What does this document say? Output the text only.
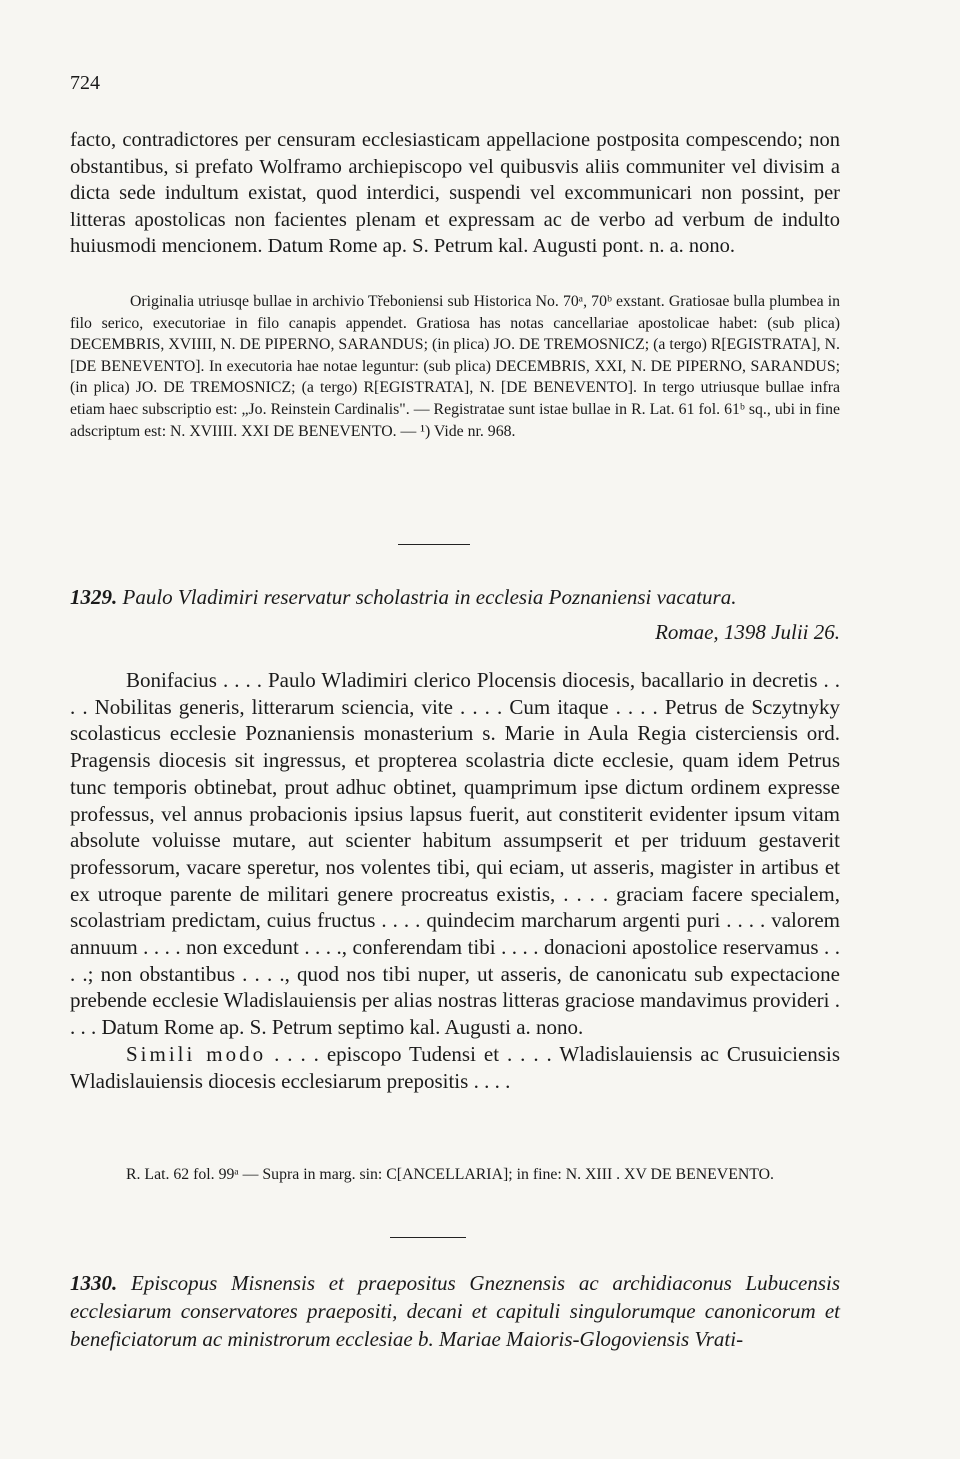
724

facto, contradictores per censuram ecclesiasticam appellacione postposita compescendo; non obstantibus, si prefato Wolframo archiepiscopo vel quibusvis aliis communiter vel divisim a dicta sede indultum existat, quod interdici, suspendi vel excommunicari non possint, per litteras apostolicas non facientes plenam et expressam ac de verbo ad verbum de indulto huiusmodi mencionem. Datum Rome ap. S. Petrum kal. Augusti pont. n. a. nono.

Originalia utriusqe bullae in archivio Třeboniensi sub Historica No. 70ᵃ, 70ᵇ exstant. Gratiosae bulla plumbea in filo serico, executoriae in filo canapis appendet. Gratiosa has notas cancellariae apostolicae habet: (sub plica) DECEMBRIS, XVIIII, N. DE PIPERNO, SARANDUS; (in plica) JO. DE TREMOSNICZ; (a tergo) R[EGISTRATA], N. [DE BENEVENTO]. In executoria hae notae leguntur: (sub plica) DECEMBRIS, XXI, N. DE PIPERNO, SARANDUS; (in plica) JO. DE TREMOSNICZ; (a tergo) R[EGISTRATA], N. [DE BENEVENTO]. In tergo utriusque bullae infra etiam haec subscriptio est: „Jo. Reinstein Cardinalis". — Registratae sunt istae bullae in R. Lat. 61 fol. 61ᵇ sq., ubi in fine adscriptum est: N. XVIIII. XXI DE BENEVENTO. — ¹) Vide nr. 968.

1329. Paulo Vladimiri reservatur scholastria in ecclesia Poznaniensi vacatura.
Romae, 1398 Julii 26.

Bonifacius . . . . Paulo Wladimiri clerico Plocensis diocesis, bacallario in decretis . . . . Nobilitas generis, litterarum sciencia, vite . . . . Cum itaque . . . . Petrus de Sczytnyky scolasticus ecclesie Poznaniensis monasterium s. Marie in Aula Regia cisterciensis ord. Pragensis diocesis sit ingressus, et propterea scolastria dicte ecclesie, quam idem Petrus tunc temporis obtinebat, prout adhuc obtinet, quamprimum ipse dictum ordinem expresse professus, vel annus probacionis ipsius lapsus fuerit, aut constiterit evidenter ipsum vitam absolute voluisse mutare, aut scienter habitum assumpserit et per triduum gestaverit professorum, vacare speretur, nos volentes tibi, qui eciam, ut asseris, magister in artibus et ex utroque parente de militari genere procreatus existis, . . . . graciam facere specialem, scolastriam predictam, cuius fructus . . . . quindecim marcharum argenti puri . . . . valorem annuum . . . . non excedunt . . . ., conferendam tibi . . . . donacioni apostolice reservamus . . . .; non obstantibus . . . ., quod nos tibi nuper, ut asseris, de canonicatu sub expectacione prebende ecclesie Wladislauiensis per alias nostras litteras graciose mandavimus provideri . . . . Datum Rome ap. S. Petrum septimo kal. Augusti a. nono.

Simili modo . . . . episcopo Tudensi et . . . . Wladislauiensis ac Crusuiciensis Wladislauiensis diocesis ecclesiarum prepositis . . . .

R. Lat. 62 fol. 99ᵃ — Supra in marg. sin: C[ANCELLARIA]; in fine: N. XIII . XV DE BENEVENTO.

1330. Episcopus Misnensis et praepositus Gneznensis ac archidiaconus Lubucensis ecclesiarum conservatores praepositi, decani et capituli singulorumque canonicorum et beneficiatorum ac ministrorum ecclesiae b. Mariae Maioris-Glogoviensis Vrati-
